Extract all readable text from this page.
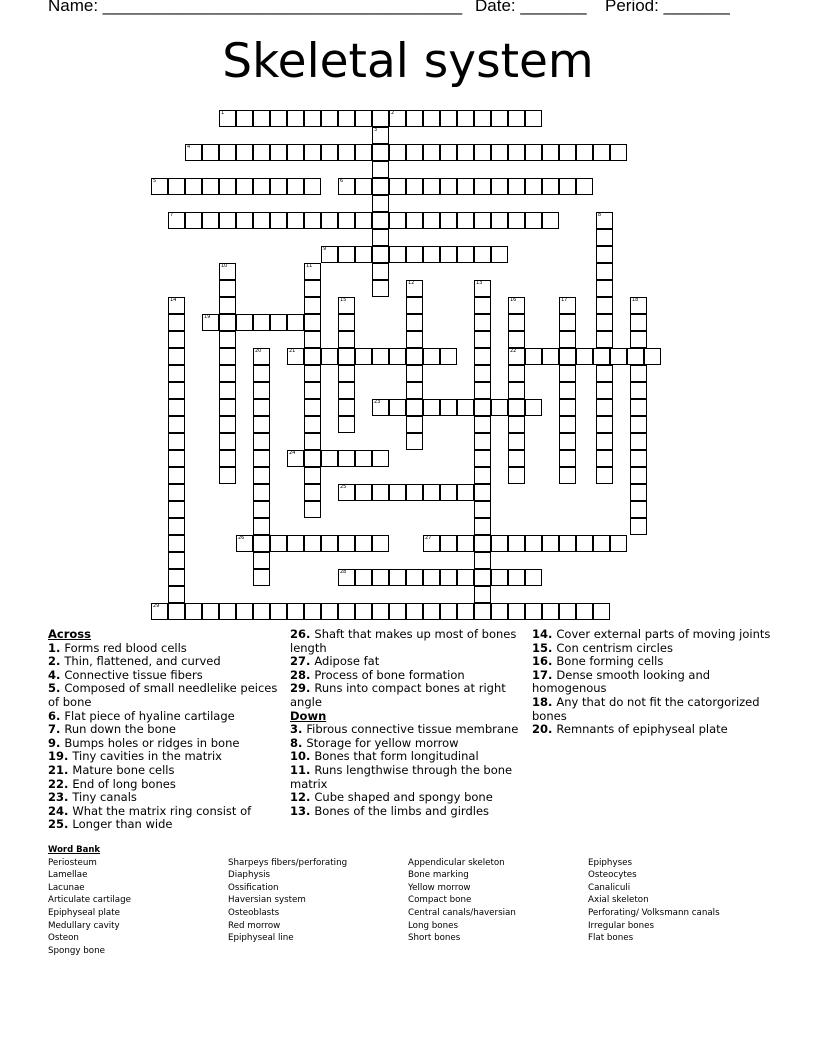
Name: ______________________________________ Date: _______ Period: _______
Skeletal system
1	2
3
4
5	6
7	8
9
10	11
12	13
14	15	16	17	18
19
20	21	22
23
24
25
26	27
28
29
Across
1. Forms red blood cells
2. Thin, flattened, and curved
4. Connective tissue fibers
5. Composed of small needlelike peices of bone
6. Flat piece of hyaline cartilage
7. Run down the bone
9. Bumps holes or ridges in bone
19. Tiny cavities in the matrix
21. Mature bone cells
22. End of long bones
23. Tiny canals
24. What the matrix ring consist of
25. Longer than wide
26. Shaft that makes up most of bones length
27. Adipose fat
28. Process of bone formation
29. Runs into compact bones at right angle
Down
3. Fibrous connective tissue membrane
8. Storage for yellow morrow
10. Bones that form longitudinal
11. Runs lengthwise through the bone matrix
12. Cube shaped and spongy bone
13. Bones of the limbs and girdles
14. Cover external parts of moving joints
15. Con centrism circles
16. Bone forming cells
17. Dense smooth looking and homogenous
18. Any that do not fit the catorgorized bones
20. Remnants of epiphyseal plate
Word Bank
Periosteum
Lamellae
Lacunae
Articulate cartilage
Epiphyseal plate
Medullary cavity
Osteon
Spongy bone
Sharpeys fibers/perforating
Diaphysis
Ossification
Haversian system
Osteoblasts
Red morrow
Epiphyseal line
Appendicular skeleton
Bone marking
Yellow morrow
Compact bone
Central canals/haversian
Long bones
Short bones
Epiphyses
Osteocytes
Canaliculi
Axial skeleton
Perforating/ Volksmann canals
Irregular bones
Flat bones
